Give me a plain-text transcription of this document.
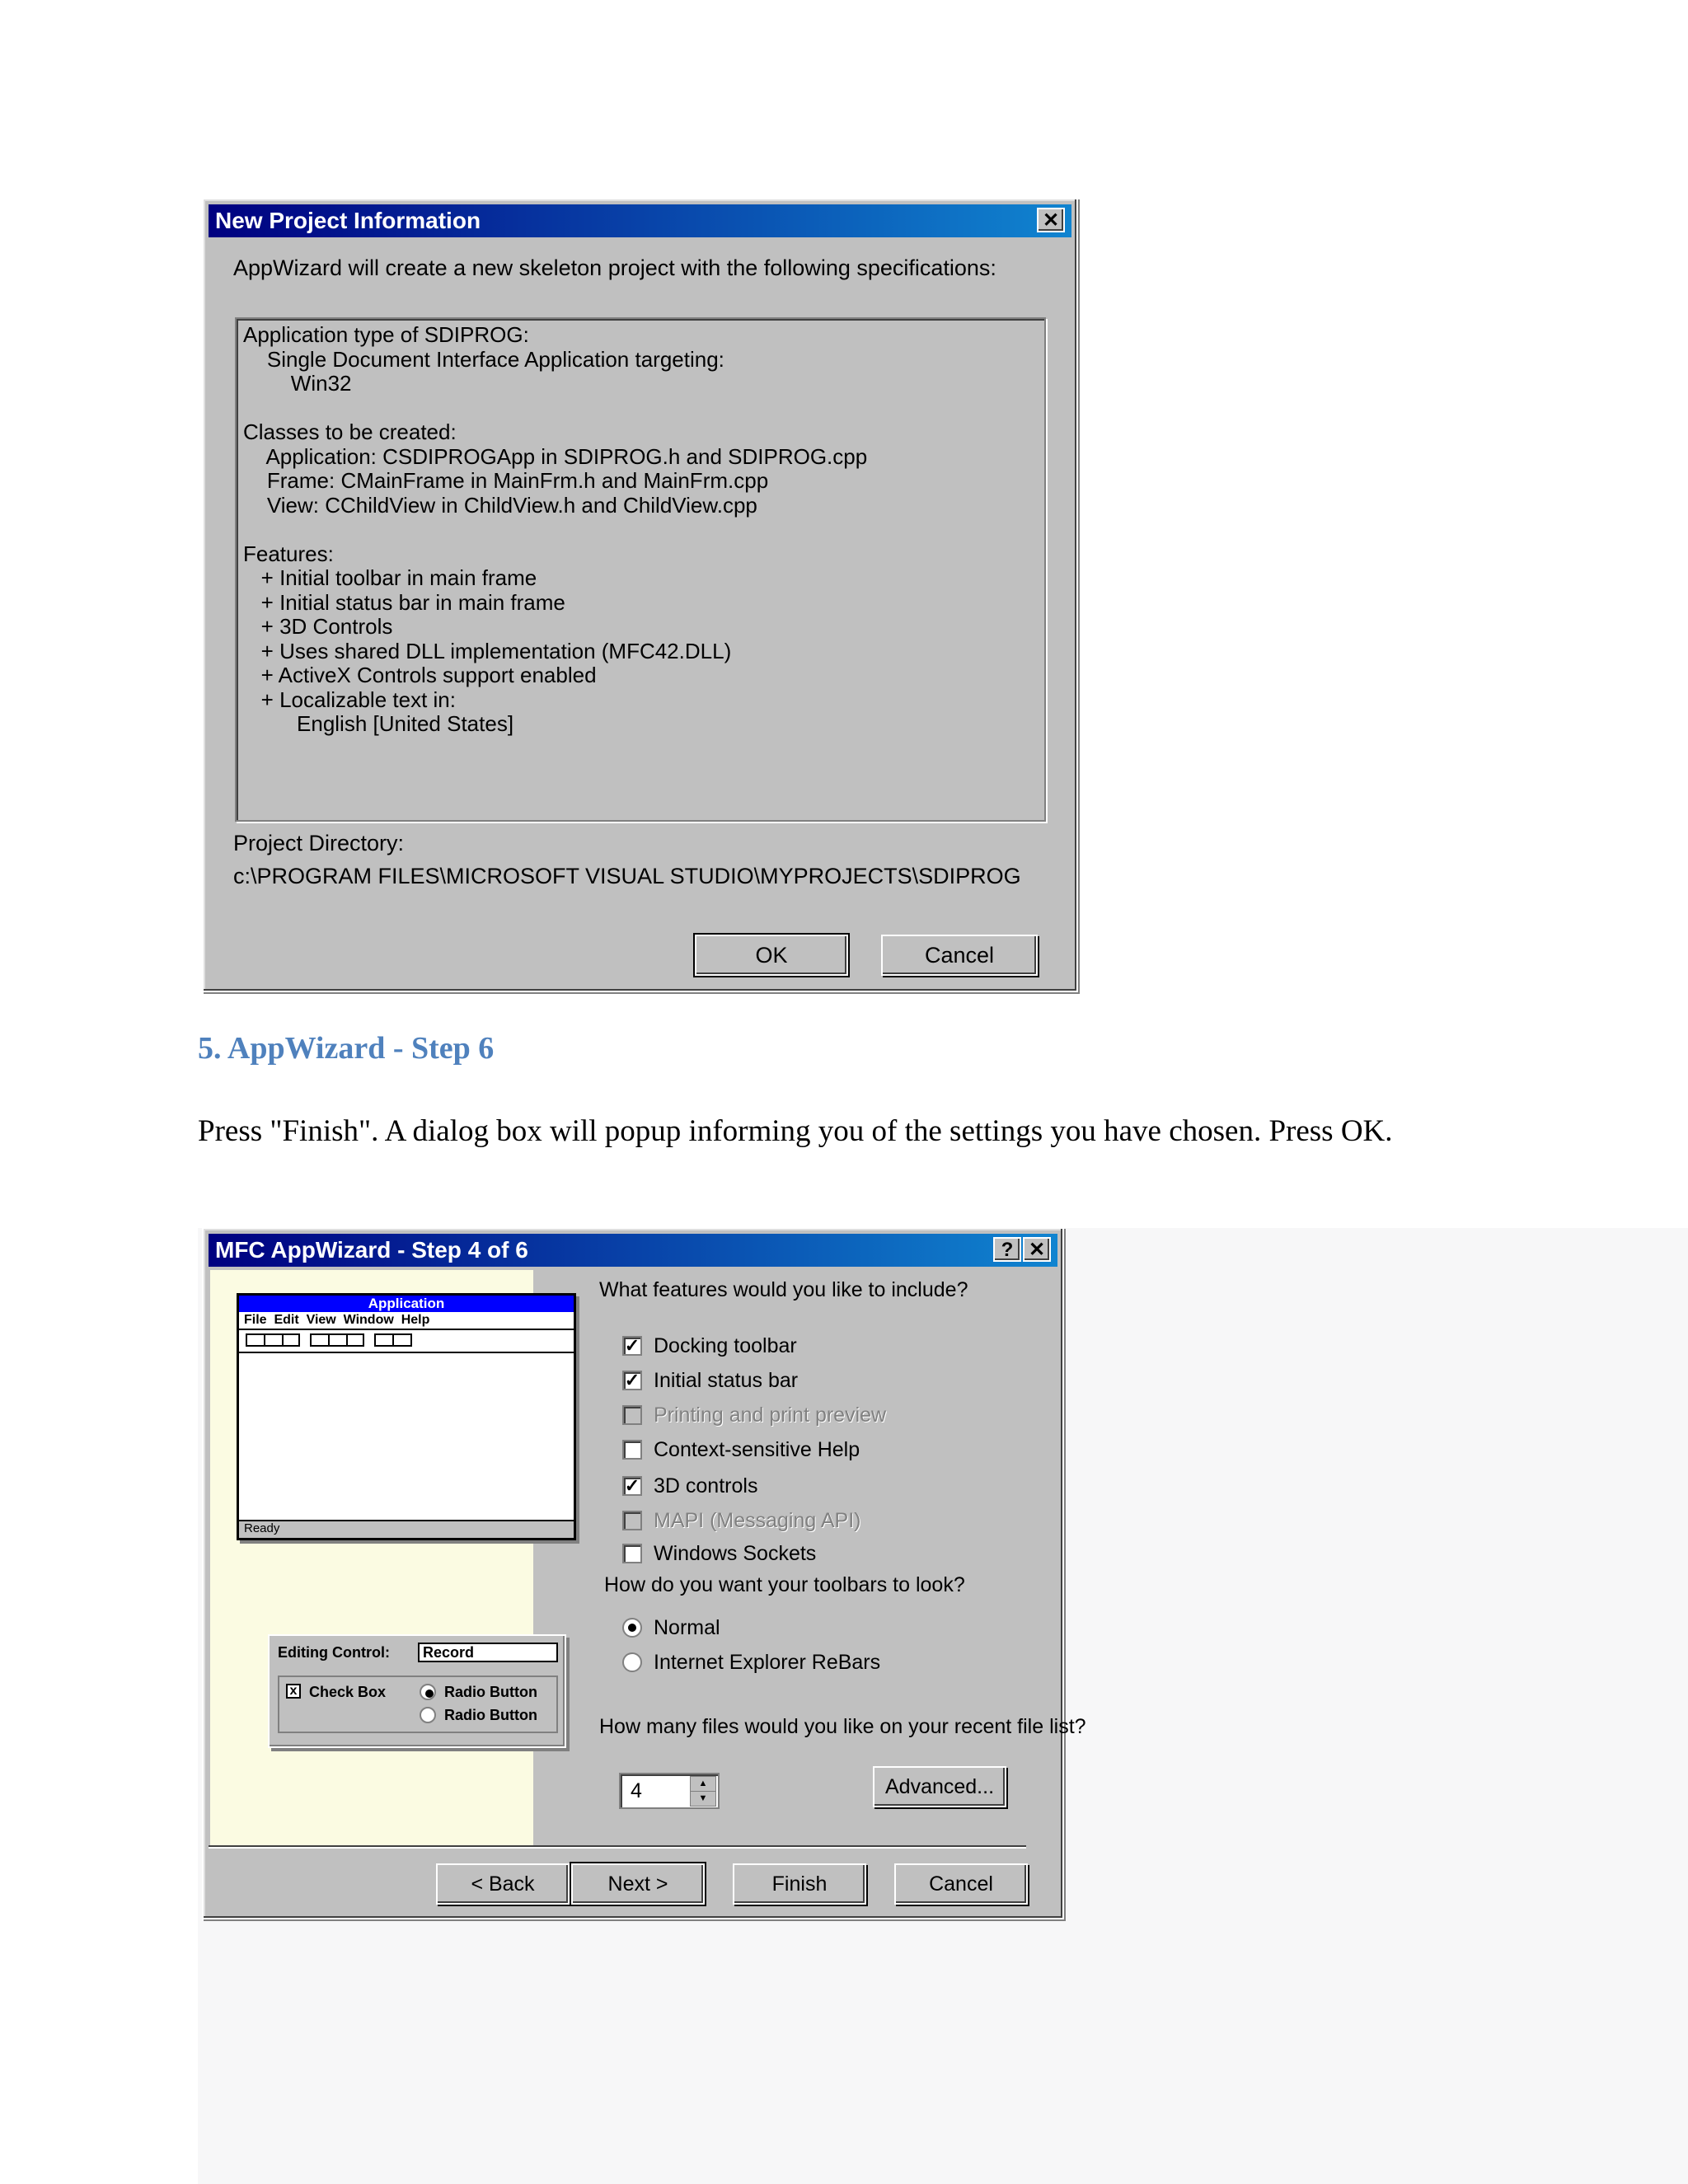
New Project Information	✕
AppWizard will create a new skeleton project with the following specifications:
Application type of SDIPROG:
Single Document Interface Application targeting:
Win32
Classes to be created:
Application: CSDIPROGApp in SDIPROG.h and SDIPROG.cpp
Frame: CMainFrame in MainFrm.h and MainFrm.cpp
View: CChildView in ChildView.h and ChildView.cpp
Features:
+ Initial toolbar in main frame
+ Initial status bar in main frame
+ 3D Controls
+ Uses shared DLL implementation (MFC42.DLL)
+ ActiveX Controls support enabled
+ Localizable text in:
English [United States]
Project Directory:
c:\PROGRAM FILES\MICROSOFT VISUAL STUDIO\MYPROJECTS\SDIPROG
OK	Cancel
5. AppWizard - Step 6
Press "Finish". A dialog box will popup informing you of the settings you have chosen. Press OK.
MFC AppWizard - Step 4 of 6	? ✕
Application
File  Edit  View  Window  Help
Ready
Editing Control:	Record
x Check Box	Radio Button
Radio Button
What features would you like to include?
How do you want your toolbars to look?
Normal
Internet Explorer ReBars
How many files would you like on your recent file list?
4	▲
▼	Advanced...
< Back	Next >	Finish	Cancel
✓ Docking toolbar
✓ Initial status bar
Printing and print preview
Context-sensitive Help
✓ 3D controls
MAPI (Messaging API)
Windows Sockets
